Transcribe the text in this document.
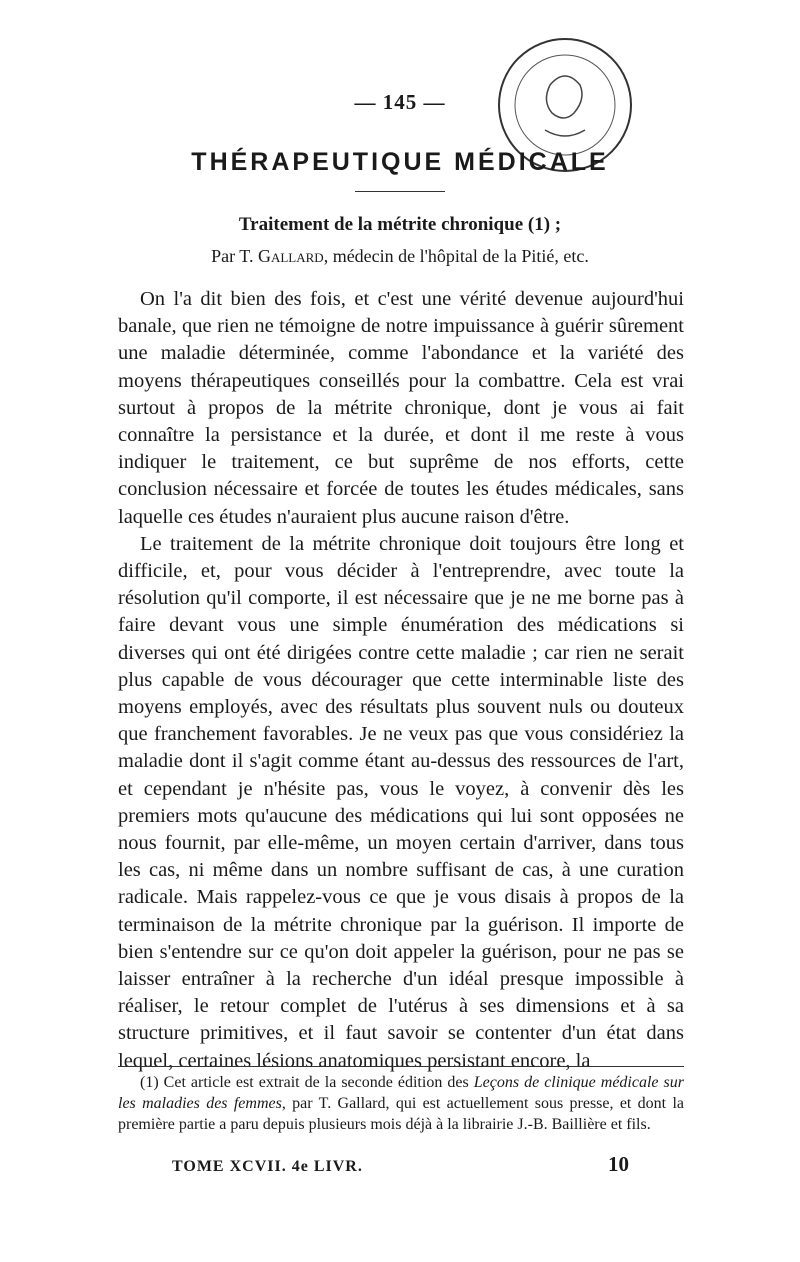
— 145 —
THÉRAPEUTIQUE MÉDICALE
Traitement de la métrite chronique (1) ;
Par T. Gallard, médecin de l'hôpital de la Pitié, etc.

On l'a dit bien des fois, et c'est une vérité devenue aujourd'hui banale, que rien ne témoigne de notre impuissance à guérir sûrement une maladie déterminée, comme l'abondance et la variété des moyens thérapeutiques conseillés pour la combattre. Cela est vrai surtout à propos de la métrite chronique, dont je vous ai fait connaître la persistance et la durée, et dont il me reste à vous indiquer le traitement, ce but suprême de nos efforts, cette conclusion nécessaire et forcée de toutes les études médicales, sans laquelle ces études n'auraient plus aucune raison d'être.

Le traitement de la métrite chronique doit toujours être long et difficile, et, pour vous décider à l'entreprendre, avec toute la résolution qu'il comporte, il est nécessaire que je ne me borne pas à faire devant vous une simple énumération des médications si diverses qui ont été dirigées contre cette maladie ; car rien ne serait plus capable de vous décourager que cette interminable liste des moyens employés, avec des résultats plus souvent nuls ou douteux que franchement favorables. Je ne veux pas que vous considériez la maladie dont il s'agit comme étant au-dessus des ressources de l'art, et cependant je n'hésite pas, vous le voyez, à convenir dès les premiers mots qu'aucune des médications qui lui sont opposées ne nous fournit, par elle-même, un moyen certain d'arriver, dans tous les cas, ni même dans un nombre suffisant de cas, à une curation radicale. Mais rappelez-vous ce que je vous disais à propos de la terminaison de la métrite chronique par la guérison. Il importe de bien s'entendre sur ce qu'on doit appeler la guérison, pour ne pas se laisser entraîner à la recherche d'un idéal presque impossible à réaliser, le retour complet de l'utérus à ses dimensions et à sa structure primitives, et il faut savoir se contenter d'un état dans lequel, certaines lésions anatomiques persistant encore, la

(1) Cet article est extrait de la seconde édition des Leçons de clinique médicale sur les maladies des femmes, par T. Gallard, qui est actuellement sous presse, et dont la première partie a paru depuis plusieurs mois déjà à la librairie J.-B. Baillière et fils.

TOME XCVII. 4e LIVR.	10
